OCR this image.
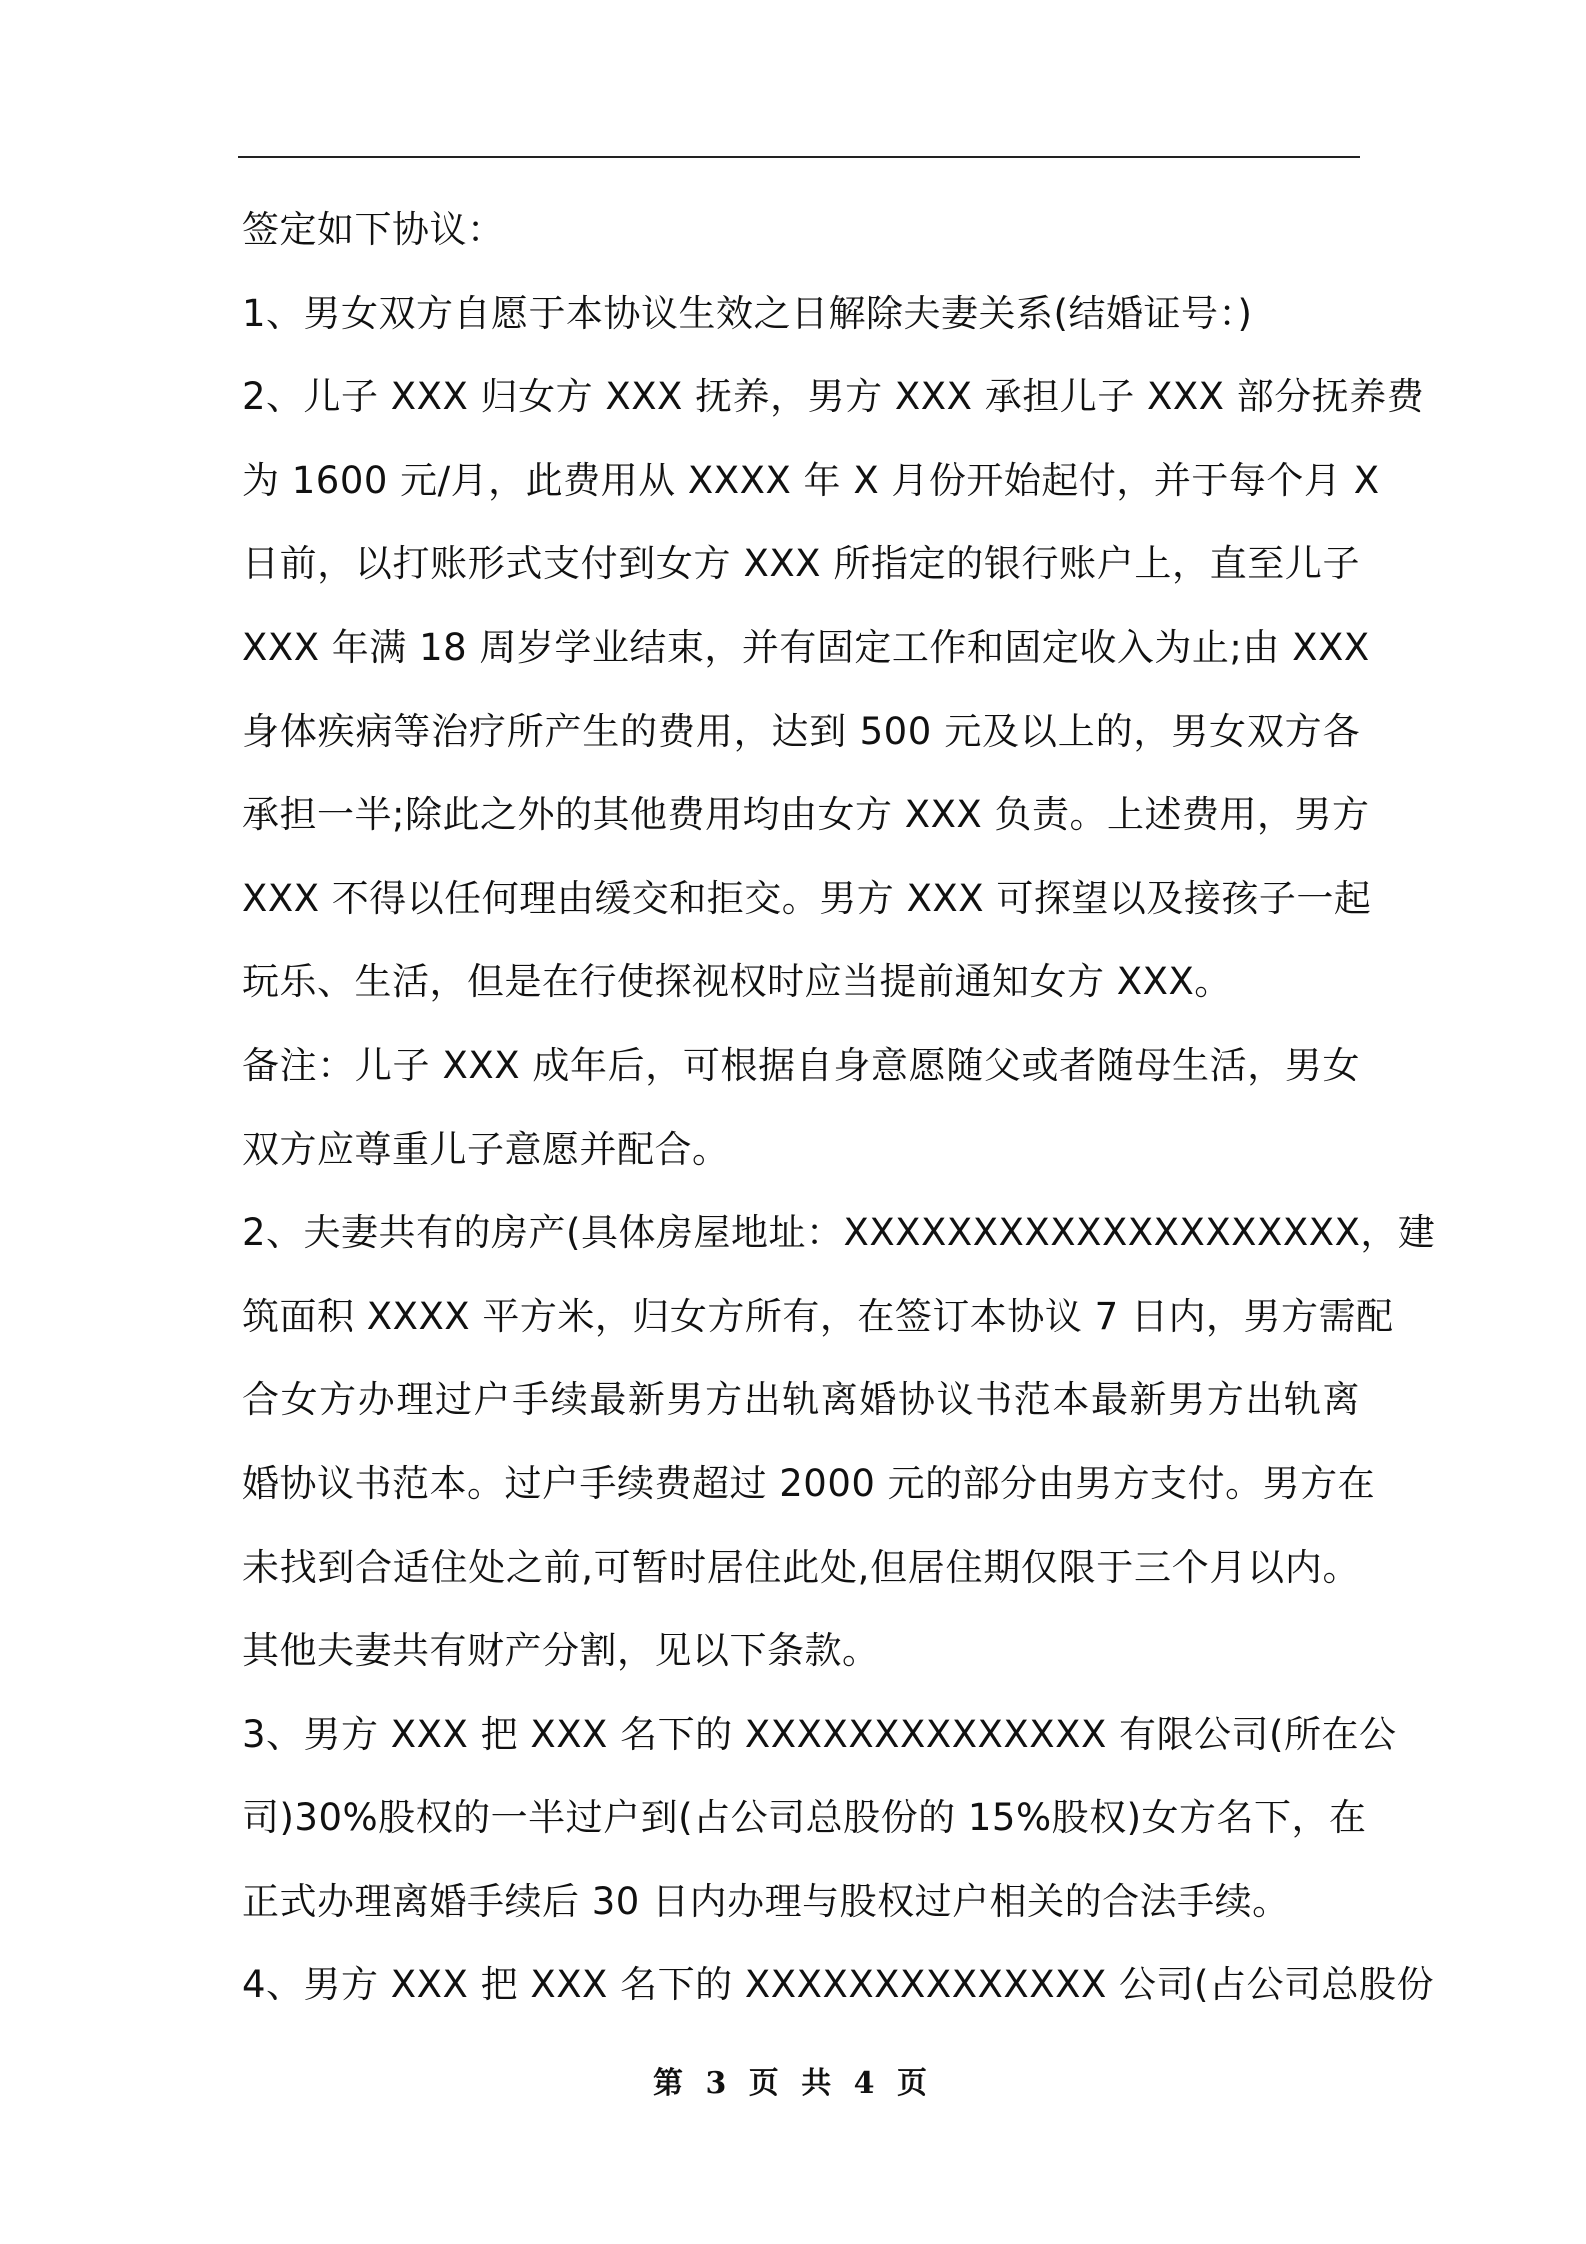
签定如下协议：
1、男女双方自愿于本协议生效之日解除夫妻关系(结婚证号：)
2、儿子 XXX 归女方 XXX 抚养，男方 XXX 承担儿子 XXX 部分抚养费
为 1600 元/月，此费用从 XXXX 年 X 月份开始起付，并于每个月 X
日前，以打账形式支付到女方 XXX 所指定的银行账户上，直至儿子
XXX 年满 18 周岁学业结束，并有固定工作和固定收入为止;由 XXX
身体疾病等治疗所产生的费用，达到 500 元及以上的，男女双方各
承担一半;除此之外的其他费用均由女方 XXX 负责。上述费用，男方
XXX 不得以任何理由缓交和拒交。男方 XXX 可探望以及接孩子一起
玩乐、生活，但是在行使探视权时应当提前通知女方 XXX。
备注：儿子 XXX 成年后，可根据自身意愿随父或者随母生活，男女
双方应尊重儿子意愿并配合。
2、夫妻共有的房产(具体房屋地址：XXXXXXXXXXXXXXXXXXXX，建
筑面积 XXXX 平方米，归女方所有，在签订本协议 7 日内，男方需配
合女方办理过户手续最新男方出轨离婚协议书范本最新男方出轨离
婚协议书范本。过户手续费超过 2000 元的部分由男方支付。男方在
未找到合适住处之前,可暂时居住此处,但居住期仅限于三个月以内。
其他夫妻共有财产分割，见以下条款。
3、男方 XXX 把 XXX 名下的 XXXXXXXXXXXXXX 有限公司(所在公
司)30%股权的一半过户到(占公司总股份的 15%股权)女方名下，在
正式办理离婚手续后 30 日内办理与股权过户相关的合法手续。
4、男方 XXX 把 XXX 名下的 XXXXXXXXXXXXXX 公司(占公司总股份
第 3 页 共 4 页
